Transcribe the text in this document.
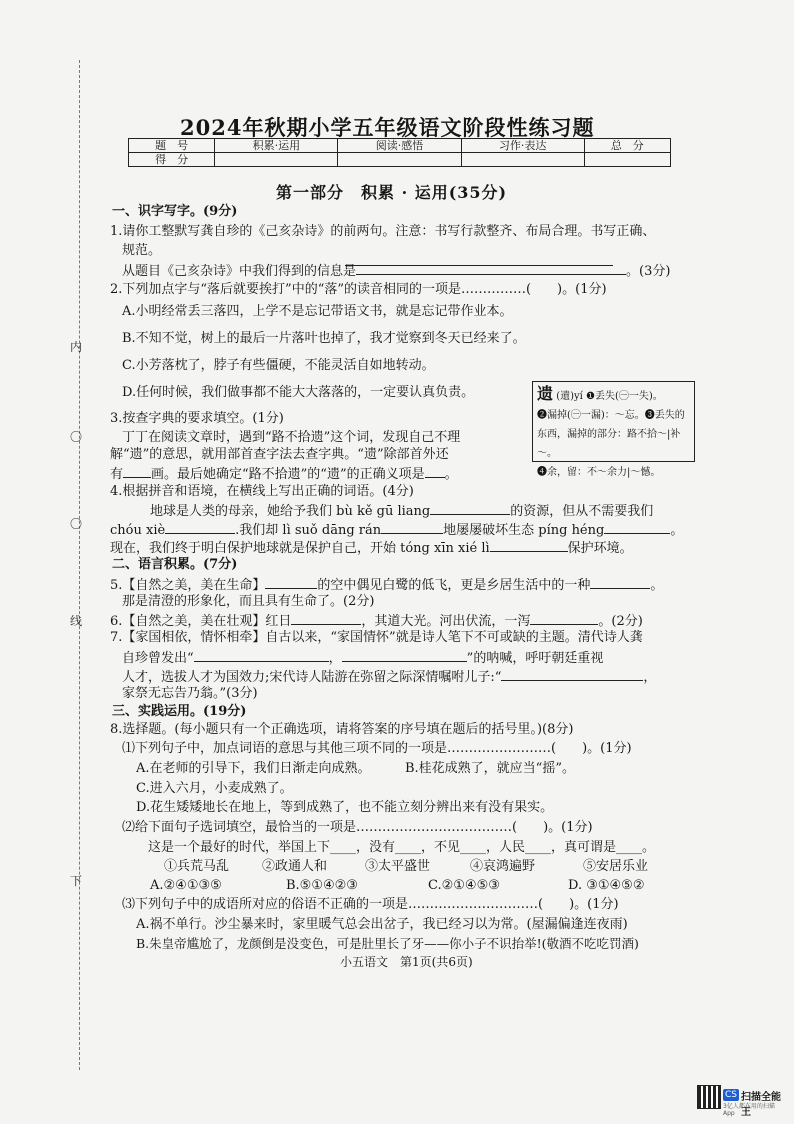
内
〇
线
〇
下
2024年秋期小学五年级语文阶段性练习题
题　号	积累·运用	阅读·感悟	习作·表达	总　分
得　分				
第一部分　积累 · 运用(35分)
一、识字写字。(9分)
1.请你工整默写龚自珍的《己亥杂诗》的前两句。注意：书写行款整齐、布局合理。书写正确、
规范。
从题目《己亥杂诗》中我们得到的信息是	。(3分)
2.下列加点字与“落后就要挨打”中的“落”的读音相同的一项是……………(　　)。(1分)
A.小明经常丢三落四，上学不是忘记带语文书，就是忘记带作业本。
B.不知不觉，树上的最后一片落叶也掉了，我才觉察到冬天已经来了。
C.小芳落枕了，脖子有些僵硬，不能灵活自如地转动。
D.任何时候，我们做事都不能大大落落的，一定要认真负责。	遗 (遺)yí ❶丢失(㊀一失)。
❷漏掉(㊀一漏)：～忘。❸丢失的
东西，漏掉的部分：路不拾～|补～。
❹余，留：不～余力|～憾。
3.按查字典的要求填空。(1分)
丁丁在阅读文章时，遇到“路不拾遗”这个词，发现自己不理
解“遗”的意思，就用部首查字法去查字典。“遗”除部首外还
有 画。最后她确定“路不拾遗”的“遗”的正确义项是 。
4.根据拼音和语境，在横线上写出正确的词语。(4分)
地球是人类的母亲，她给予我们 bù kě gū liang	的资源，但从不需要我们
chóu xiè	.我们却 lì suǒ dāng rán	地屡屡破坏生态 píng héng	。
现在，我们终于明白保护地球就是保护自己，开始 tóng xīn xié lì	保护环境。
二、语言积累。(7分)
5.【自然之美，美在生命】	的空中偶见白鹭的低飞，更是乡居生活中的一种	。
那是清澄的形象化，而且具有生命了。(2分)
6.【自然之美，美在壮观】红日	，其道大光。河出伏流，一泻	。(2分)
7.【家国相依，情怀相牵】自古以来，“家国情怀”就是诗人笔下不可或缺的主题。清代诗人龚
自珍曾发出“	，	”的呐喊，呼吁朝廷重视
人才，选拔人才为国效力;宋代诗人陆游在弥留之际深情嘱咐儿子:“	，
家祭无忘告乃翁。”(3分)
三、实践运用。(19分)
8.选择题。(每小题只有一个正确选项，请将答案的序号填在题后的括号里。)(8分)
⑴下列句子中，加点词语的意思与其他三项不同的一项是……………………(　　)。(1分)
A.在老师的引导下，我们日渐走向成熟。	B.桂花成熟了，就应当“摇”。
C.进入六月，小麦成熟了。
D.花生矮矮地长在地上，等到成熟了，也不能立刻分辨出来有没有果实。
⑵给下面句子选词填空，最恰当的一项是………………………………(　　)。(1分)
这是一个最好的时代，举国上下____，没有____，不见____，人民____，真可谓是____。
①兵荒马乱	②政通人和	③太平盛世	④哀鸿遍野	⑤安居乐业
A.②④①③⑤	B.⑤①④②③	C.②①④⑤③	D. ③①④⑤②
⑶下列句子中的成语所对应的俗语不正确的一项是…………………………(　　)。(1分)
A.祸不单行。沙尘暴来时，家里暖气总会出岔子，我已经习以为常。(屋漏偏逢连夜雨)
B.朱皇帝尴尬了，龙颜倒是没变色，可是肚里长了牙——你小子不识抬举!(敬酒不吃吃罚酒)
小五语文　第1页(共6页)
CS 扫描全能王
3亿人都在用的扫描App
